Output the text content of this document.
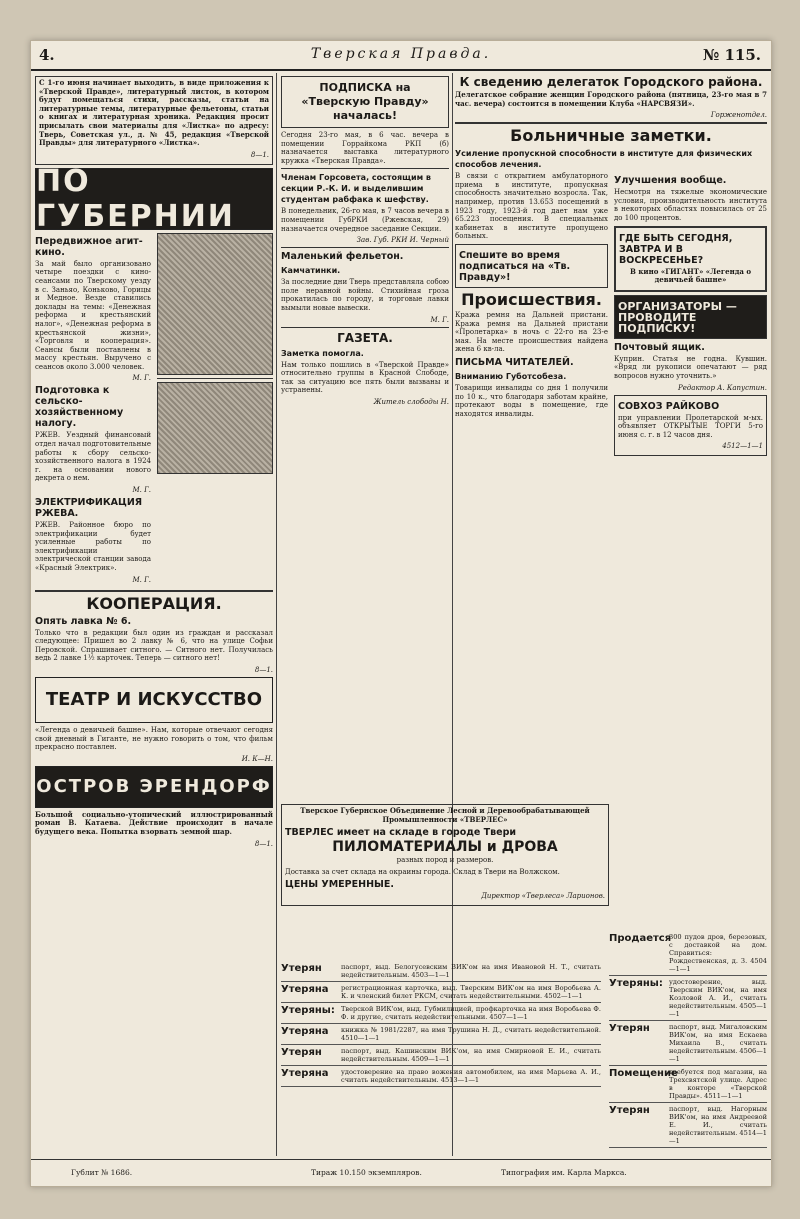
4.	Тверская Правда.	№ 115.

С 1-го июня начинает выходить, в виде приложения к «Тверской Правде», литературный листок, в котором будут помещаться стихи, рассказы, статьи на литературные темы, литературные фельетоны, статьи о книгах и литературная хроника. Редакция просит присылать свои материалы для «Листка» по адресу: Тверь, Советская ул., д. № 45, редакция «Тверской Правды» для литературного «Листка».

8—1.

ПО ГУБЕРНИИ
Передвижное агит-кино.

За май было организовано четыре поездки с кино-сеансами по Тверскому уезду в с. Заньяо, Коньково, Горицы и Медное. Везде ставились доклады на темы: «Денежная реформа и крестьянский налог», «Денежная реформа в крестьянской жизни», «Торговля и кооперация». Сеансы были поставлены в массу крестьян. Выручено с сеансов около 3.000 человек.

М. Г.

Подготовка к сельско-хозяйственному налогу.

РЖЕВ. Уездный финансовый отдел начал подготовительные работы к сбору сельско-хозяйственного налога в 1924 г. на основании нового декрета о нем.

М. Г.

ЭЛЕКТРИФИКАЦИЯ РЖЕВА.

РЖЕВ. Районное бюро по электрификации будет усиленные работы по электрификации электрической станции завода «Красный Электрик».

М. Г.

КООПЕРАЦИЯ.
Опять лавка № 6.

Только что в редакции был один из граждан и рассказал следующее: Пришел во 2 лавку № 6, что на улице Софьи Перовской. Спрашивает ситного. — Ситного нет. Получилась ведь 2 лавке 1½ карточек. Теперь — ситного нет!

8—1.

ТЕАТР И ИСКУССТВО

«Легенда о девичьей башне». Нам, которые отвечают сегодня свой дневный в Гиганте, не нужно говорить о том, что фильм прекрасно поставлен.

И. К—Н.

ОСТРОВ ЭРЕНДОРФ

Большой социально-утопический иллюстрированный роман В. Катаева. Действие происходит в начале будущего века. Попытка взорвать земной шар.

8—1.

ПОДПИСКА на «Тверскую Правду» началась!

Сегодня 23-го мая, в 6 час. вечера в помещении Горрайкома РКП (б) назначается выставка литературного кружка «Тверская Правда».

Членам Горсовета, состоящим в секции Р.-К. И. и выделившим студентам рабфака к шефству.

В понедельник, 26-го мая, в 7 часов вечера в помещении ГубРКИ (Ржевская, 29) назначается очередное заседание Секции.

Зав. Губ. РКИ И. Черный

Маленький фельетон.
Камчатинки.

За последние дни Тверь представляла собою поле неравной войны. Стихийная гроза прокатилась по городу, и торговые лавки вымыли новые вывески.

М. Г.

ГАЗЕТА.
Заметка помогла.

Нам только пошлись в «Тверской Правде» относительно группы в Красной Слободе, так за ситуацию все пять были вызваны и устранены.

Житель слободы Н.

К сведению делегаток Городского района.

Делегатское собрание женщин Городского района (пятница, 23-го мая в 7 час. вечера) состоится в помещении Клуба «НАРСВЯЗИ».

Горженотдел.

Больничные заметки.
Усиление пропускной способности в институте для физических способов лечения.

В связи с открытием амбулаторного приема в институте, пропускная способность значительно возросла. Так, например, против 13.653 посещений в 1923 году, 1923-й год дает нам уже 65.223 посещения. В специальных кабинетах в институте пропущено больных.

Спешите во время подписаться на «Тв. Правду»!
Происшествия.

Кража ремня на Дальней пристани. Кража ремня на Дальней пристани «Пролетарка» в ночь с 22-го на 23-е мая. На месте происшествия найдена жена 6 кв-ла.

ПИСЬМА ЧИТАТЕЛЕЙ.
Вниманию Губотсобеза.

Товарищи инвалиды со дня 1 получили по 10 к., что благодаря заботам крайне, протекают воды в помещение, где находятся инвалиды.

Улучшения вообще.

Несмотря на тяжелые экономические условия, производительность института в некоторых областях повысилась от 25 до 100 процентов.

ГДЕ БЫТЬ СЕГОДНЯ, ЗАВТРА И В ВОСКРЕСЕНЬЕ?

В кино «ГИГАНТ» «Легенда о девичьей башне»

ОРГАНИЗАТОРЫ — ПРОВОДИТЕ ПОДПИСКУ!
Почтовый ящик.

Куприн. Статья не годна. Кувшин. «Вряд ли рукописи опечатают — ряд вопросов нужно уточнить.»

Редактор А. Капустин.

СОВХОЗ РАЙКОВО

при управлении Пролетарской м-ых. объявляет ОТКРЫТЫЕ ТОРГИ 5-го июня с. г. в 12 часов дня.

4512—1—1

Тверское Губернское Объединение Лесной и Деревообрабатывающей Промышленности «ТВЕРЛЕС»

ТВЕРЛЕС имеет на складе в городе Твери
ПИЛОМАТЕРИАЛЫ и ДРОВА

разных пород и размеров.

Доставка за счет склада на окраины города. Склад в Твери на Волжском.

ЦЕНЫ УМЕРЕННЫЕ.

Директор «Тверлеса» Ларионов.

Утерян	паспорт, выд. Белогусевским ВИК'ом на имя Ивановой Н. Т., считать недействительным. 4503—1—1
Утеряна	регистрационная карточка, выд. Тверским ВИК'ом на имя Воробьева А. К. и членский билет РКСМ, считать недействительными. 4502—1—1
Утеряны: Тверской ВИК'ом, выд. Губмилицией, профкарточка на имя Воробьева Ф. Ф. и другие, считать недействительными. 4507—1—1
Утеряна	книжка № 1981/2287, на имя Трушина Н. Д., считать недействительной. 4510—1—1
Утерян	паспорт, выд. Кашинским ВИК'ом, на имя Смирновой Е. И., считать недействительным. 4509—1—1
Утерянa	удостоверение на право вожения автомобилем, на имя Марьева А. И., считать недействительным. 4513—1—1
Продается
300 пудов дров, березовых, с доставкой на дом. Справиться: Рождественская, д. 3. 4504—1—1
Утеряны: удостоверение, выд. Тверским ВИК'ом, на имя Козловой А. И., считать недействительным. 4505—1—1
Утерян	паспорт, выд. Мигаловским ВИК'ом, на имя Ескаева Михаила В., считать недействительным. 4506—1—1
Помещение
требуется под магазин, на Трехсвятской улице. Адрес в конторе «Тверской Правды». 4511—1—1
Утерян	паспорт, выд. Нагорным ВИК'ом, на имя Андреевой Е. И., считать недействительным. 4514—1—1
Гублит № 1686.	Тираж 10.150 экземпляров.	Типография им. Карла Маркса.
